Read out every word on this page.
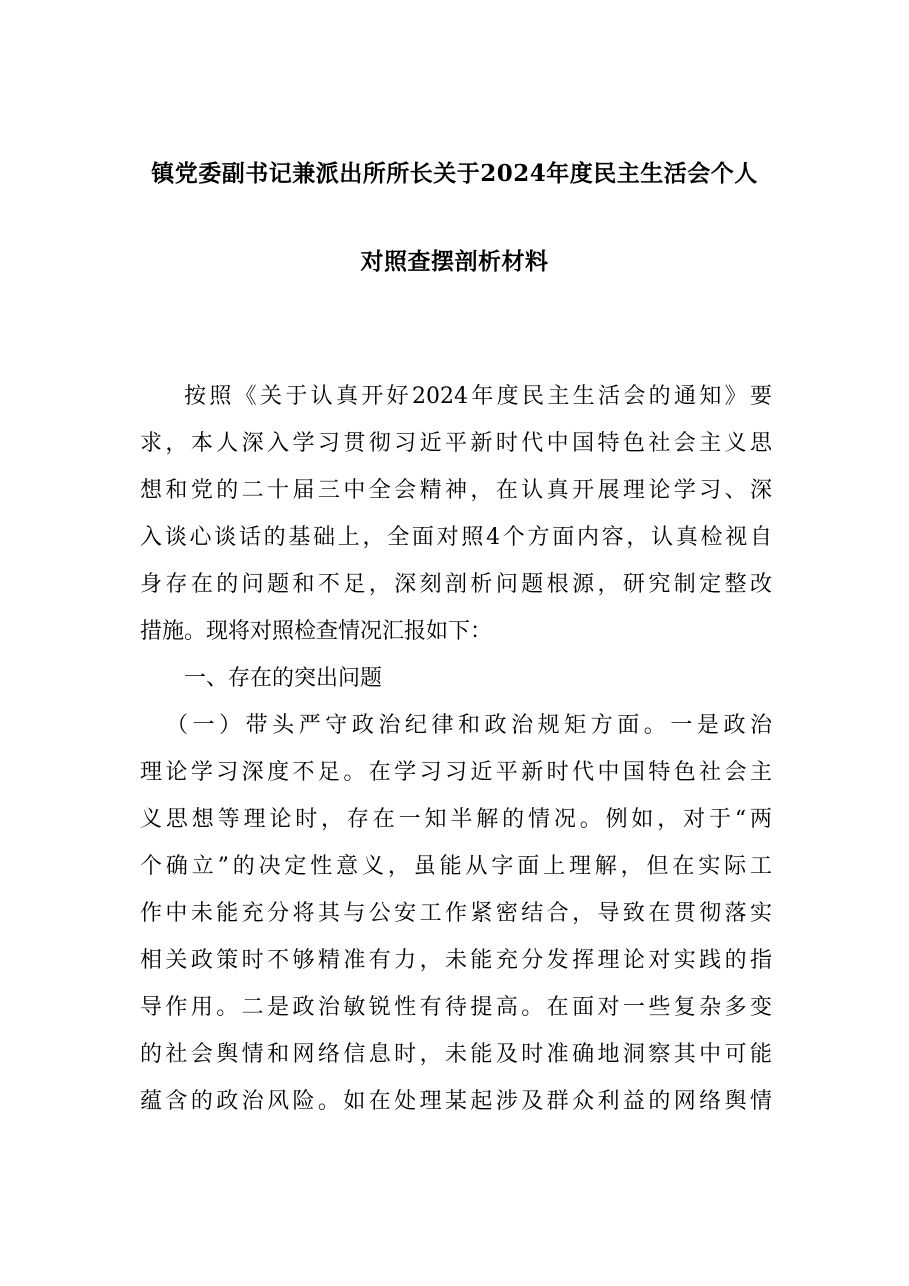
镇党委副书记兼派出所所长关于2024年度民主生活会个人
对照查摆剖析材料
按照《关于认真开好2024年度民主生活会的通知》要
求，本人深入学习贯彻习近平新时代中国特色社会主义思
想和党的二十届三中全会精神，在认真开展理论学习、深
入谈心谈话的基础上，全面对照4个方面内容，认真检视自
身存在的问题和不足，深刻剖析问题根源，研究制定整改
措施。现将对照检查情况汇报如下：
一、存在的突出问题
（一）带头严守政治纪律和政治规矩方面。一是政治
理论学习深度不足。在学习习近平新时代中国特色社会主
义思想等理论时，存在一知半解的情况。例如，对于“两
个确立”的决定性意义，虽能从字面上理解，但在实际工
作中未能充分将其与公安工作紧密结合，导致在贯彻落实
相关政策时不够精准有力，未能充分发挥理论对实践的指
导作用。二是政治敏锐性有待提高。在面对一些复杂多变
的社会舆情和网络信息时，未能及时准确地洞察其中可能
蕴含的政治风险。如在处理某起涉及群众利益的网络舆情
